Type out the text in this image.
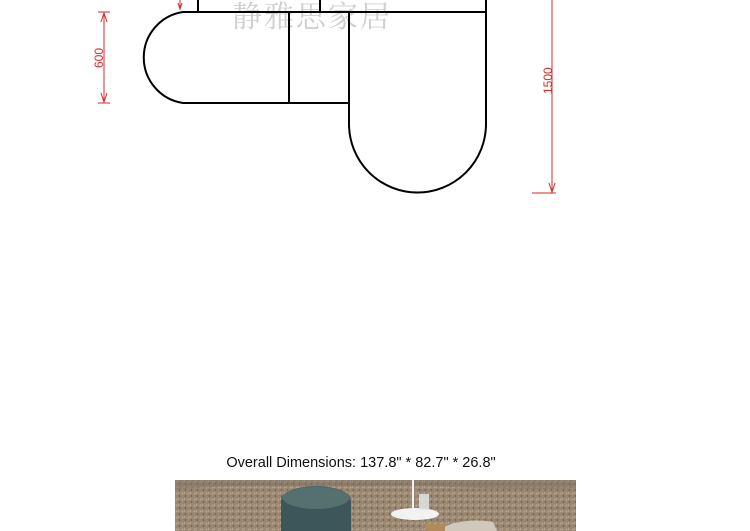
静雅思家居
600
1500
Overall Dimensions: 137.8" * 82.7" * 26.8"
